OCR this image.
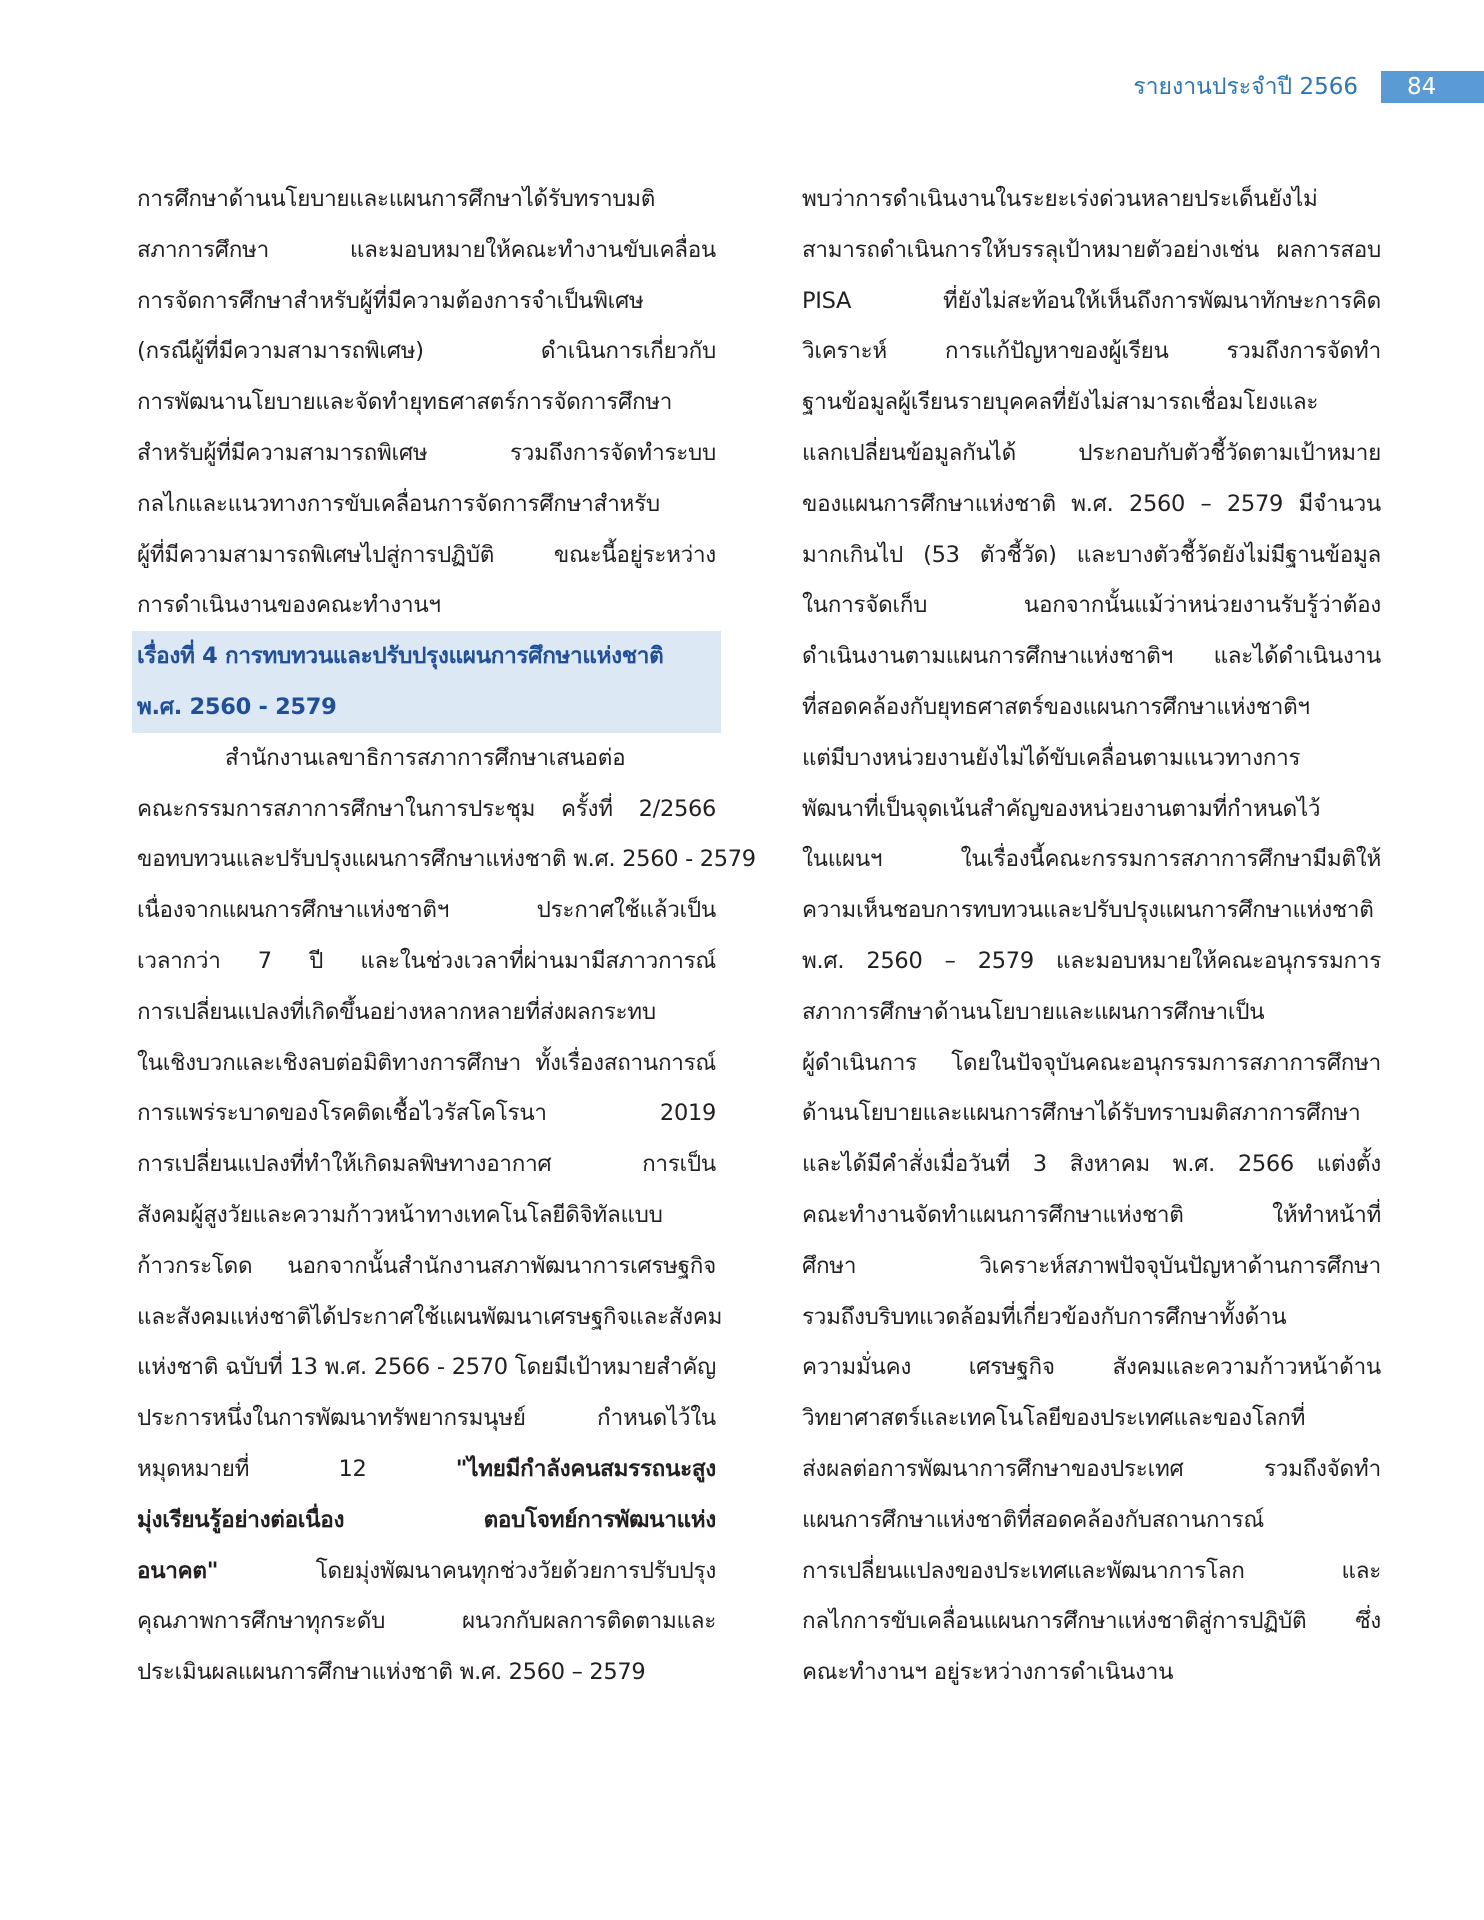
รายงานประจำปี 2566	84
การศึกษาด้านนโยบายและแผนการศึกษาได้รับทราบมติ
สภาการศึกษา และมอบหมายให้คณะทำงานขับเคลื่อน
การจัดการศึกษาสำหรับผู้ที่มีความต้องการจำเป็นพิเศษ
(กรณีผู้ที่มีความสามารถพิเศษ) ดำเนินการเกี่ยวกับ
การพัฒนานโยบายและจัดทำยุทธศาสตร์การจัดการศึกษา
สำหรับผู้ที่มีความสามารถพิเศษ รวมถึงการจัดทำระบบ
กลไกและแนวทางการขับเคลื่อนการจัดการศึกษาสำหรับ
ผู้ที่มีความสามารถพิเศษไปสู่การปฏิบัติ ขณะนี้อยู่ระหว่าง
การดำเนินงานของคณะทำงานฯ
เรื่องที่ 4 การทบทวนและปรับปรุงแผนการศึกษาแห่งชาติ
พ.ศ. 2560 - 2579
สำนักงานเลขาธิการสภาการศึกษาเสนอต่อ
คณะกรรมการสภาการศึกษาในการประชุม ครั้งที่ 2/2566
ขอทบทวนและปรับปรุงแผนการศึกษาแห่งชาติ พ.ศ. 2560 - 2579
เนื่องจากแผนการศึกษาแห่งชาติฯ ประกาศใช้แล้วเป็น
เวลากว่า 7 ปี และในช่วงเวลาที่ผ่านมามีสภาวการณ์
การเปลี่ยนแปลงที่เกิดขึ้นอย่างหลากหลายที่ส่งผลกระทบ
ในเชิงบวกและเชิงลบต่อมิติทางการศึกษา ทั้งเรื่องสถานการณ์
การแพร่ระบาดของโรคติดเชื้อไวรัสโคโรนา 2019
การเปลี่ยนแปลงที่ทำให้เกิดมลพิษทางอากาศ การเป็น
สังคมผู้สูงวัยและความก้าวหน้าทางเทคโนโลยีดิจิทัลแบบ
ก้าวกระโดด นอกจากนั้นสำนักงานสภาพัฒนาการเศรษฐกิจ
และสังคมแห่งชาติได้ประกาศใช้แผนพัฒนาเศรษฐกิจและสังคม
แห่งชาติ ฉบับที่ 13 พ.ศ. 2566 - 2570 โดยมีเป้าหมายสำคัญ
ประการหนึ่งในการพัฒนาทรัพยากรมนุษย์ กำหนดไว้ใน
หมุดหมายที่ 12 "ไทยมีกำลังคนสมรรถนะสูง
มุ่งเรียนรู้อย่างต่อเนื่อง ตอบโจทย์การพัฒนาแห่ง
อนาคต" โดยมุ่งพัฒนาคนทุกช่วงวัยด้วยการปรับปรุง
คุณภาพการศึกษาทุกระดับ ผนวกกับผลการติดตามและ
ประเมินผลแผนการศึกษาแห่งชาติ พ.ศ. 2560 – 2579
พบว่าการดำเนินงานในระยะเร่งด่วนหลายประเด็นยังไม่
สามารถดำเนินการให้บรรลุเป้าหมายตัวอย่างเช่น ผลการสอบ
PISA ที่ยังไม่สะท้อนให้เห็นถึงการพัฒนาทักษะการคิด
วิเคราะห์ การแก้ปัญหาของผู้เรียน รวมถึงการจัดทำ
ฐานข้อมูลผู้เรียนรายบุคคลที่ยังไม่สามารถเชื่อมโยงและ
แลกเปลี่ยนข้อมูลกันได้ ประกอบกับตัวชี้วัดตามเป้าหมาย
ของแผนการศึกษาแห่งชาติ พ.ศ. 2560 – 2579 มีจำนวน
มากเกินไป (53 ตัวชี้วัด) และบางตัวชี้วัดยังไม่มีฐานข้อมูล
ในการจัดเก็บ นอกจากนั้นแม้ว่าหน่วยงานรับรู้ว่าต้อง
ดำเนินงานตามแผนการศึกษาแห่งชาติฯ และได้ดำเนินงาน
ที่สอดคล้องกับยุทธศาสตร์ของแผนการศึกษาแห่งชาติฯ
แต่มีบางหน่วยงานยังไม่ได้ขับเคลื่อนตามแนวทางการ
พัฒนาที่เป็นจุดเน้นสำคัญของหน่วยงานตามที่กำหนดไว้
ในแผนฯ ในเรื่องนี้คณะกรรมการสภาการศึกษามีมติให้
ความเห็นชอบการทบทวนและปรับปรุงแผนการศึกษาแห่งชาติ
พ.ศ. 2560 – 2579 และมอบหมายให้คณะอนุกรรมการ
สภาการศึกษาด้านนโยบายและแผนการศึกษาเป็น
ผู้ดำเนินการ โดยในปัจจุบันคณะอนุกรรมการสภาการศึกษา
ด้านนโยบายและแผนการศึกษาได้รับทราบมติสภาการศึกษา
และได้มีคำสั่งเมื่อวันที่ 3 สิงหาคม พ.ศ. 2566 แต่งตั้ง
คณะทำงานจัดทำแผนการศึกษาแห่งชาติ ให้ทำหน้าที่
ศึกษา วิเคราะห์สภาพปัจจุบันปัญหาด้านการศึกษา
รวมถึงบริบทแวดล้อมที่เกี่ยวข้องกับการศึกษาทั้งด้าน
ความมั่นคง เศรษฐกิจ สังคมและความก้าวหน้าด้าน
วิทยาศาสตร์และเทคโนโลยีของประเทศและของโลกที่
ส่งผลต่อการพัฒนาการศึกษาของประเทศ รวมถึงจัดทำ
แผนการศึกษาแห่งชาติที่สอดคล้องกับสถานการณ์
การเปลี่ยนแปลงของประเทศและพัฒนาการโลก และ
กลไกการขับเคลื่อนแผนการศึกษาแห่งชาติสู่การปฏิบัติ ซึ่ง
คณะทำงานฯ อยู่ระหว่างการดำเนินงาน
